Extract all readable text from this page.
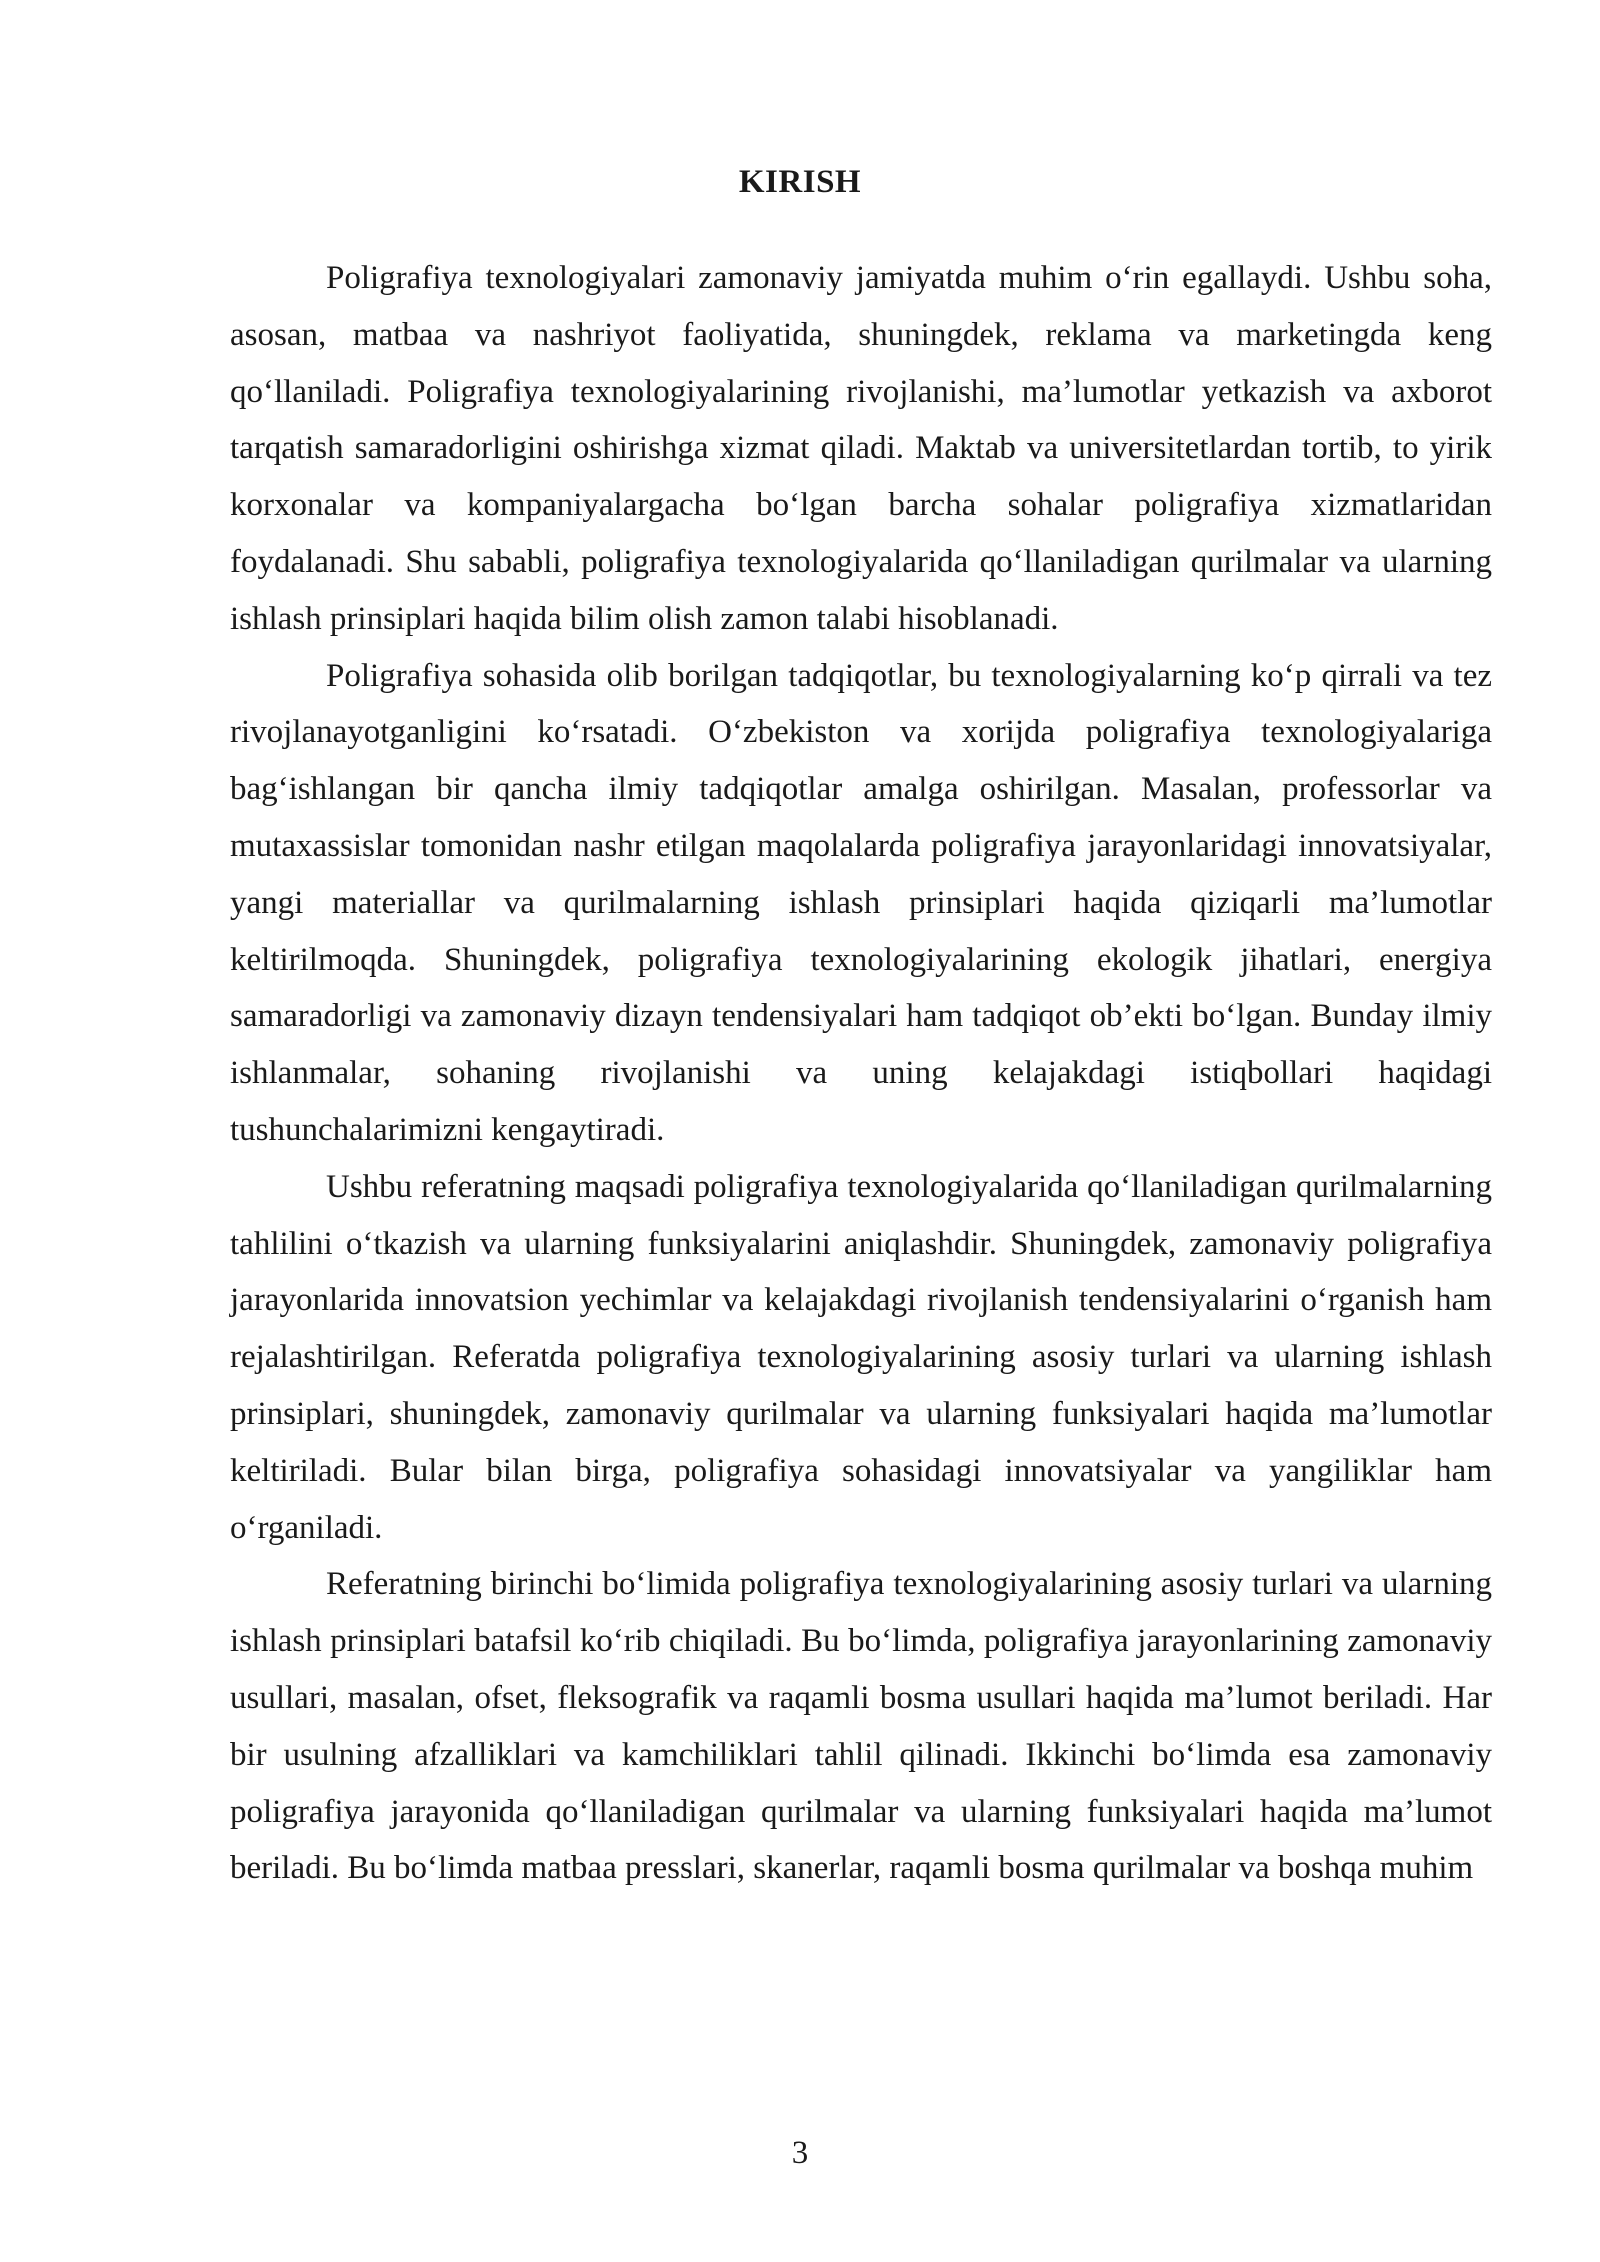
KIRISH

Poligrafiya texnologiyalari zamonaviy jamiyatda muhim o‘rin egallaydi. Ushbu soha, asosan, matbaa va nashriyot faoliyatida, shuningdek, reklama va marketingda keng qo‘llaniladi. Poligrafiya texnologiyalarining rivojlanishi, ma’lumotlar yetkazish va axborot tarqatish samaradorligini oshirishga xizmat qiladi. Maktab va universitetlardan tortib, to yirik korxonalar va kompaniyalargacha bo‘lgan barcha sohalar poligrafiya xizmatlaridan foydalanadi. Shu sababli, poligrafiya texnologiyalarida qo‘llaniladigan qurilmalar va ularning ishlash prinsiplari haqida bilim olish zamon talabi hisoblanadi.

Poligrafiya sohasida olib borilgan tadqiqotlar, bu texnologiyalarning ko‘p qirrali va tez rivojlanayotganligini ko‘rsatadi. O‘zbekiston va xorijda poligrafiya texnologiyalariga bag‘ishlangan bir qancha ilmiy tadqiqotlar amalga oshirilgan. Masalan, professorlar va mutaxassislar tomonidan nashr etilgan maqolalarda poligrafiya jarayonlaridagi innovatsiyalar, yangi materiallar va qurilmalarning ishlash prinsiplari haqida qiziqarli ma’lumotlar keltirilmoqda. Shuningdek, poligrafiya texnologiyalarining ekologik jihatlari, energiya samaradorligi va zamonaviy dizayn tendensiyalari ham tadqiqot ob’ekti bo‘lgan. Bunday ilmiy ishlanmalar, sohaning rivojlanishi va uning kelajakdagi istiqbollari haqidagi tushunchalarimizni kengaytiradi.

Ushbu referatning maqsadi poligrafiya texnologiyalarida qo‘llaniladigan qurilmalarning tahlilini o‘tkazish va ularning funksiyalarini aniqlashdir. Shuningdek, zamonaviy poligrafiya jarayonlarida innovatsion yechimlar va kelajakdagi rivojlanish tendensiyalarini o‘rganish ham rejalashtirilgan. Referatda poligrafiya texnologiyalarining asosiy turlari va ularning ishlash prinsiplari, shuningdek, zamonaviy qurilmalar va ularning funksiyalari haqida ma’lumotlar keltiriladi. Bular bilan birga, poligrafiya sohasidagi innovatsiyalar va yangiliklar ham o‘rganiladi.

Referatning birinchi bo‘limida poligrafiya texnologiyalarining asosiy turlari va ularning ishlash prinsiplari batafsil ko‘rib chiqiladi. Bu bo‘limda, poligrafiya jarayonlarining zamonaviy usullari, masalan, ofset, fleksografik va raqamli bosma usullari haqida ma’lumot beriladi. Har bir usulning afzalliklari va kamchiliklari tahlil qilinadi. Ikkinchi bo‘limda esa zamonaviy poligrafiya jarayonida qo‘llaniladigan qurilmalar va ularning funksiyalari haqida ma’lumot beriladi. Bu bo‘limda matbaa presslari, skanerlar, raqamli bosma qurilmalar va boshqa muhim

3
